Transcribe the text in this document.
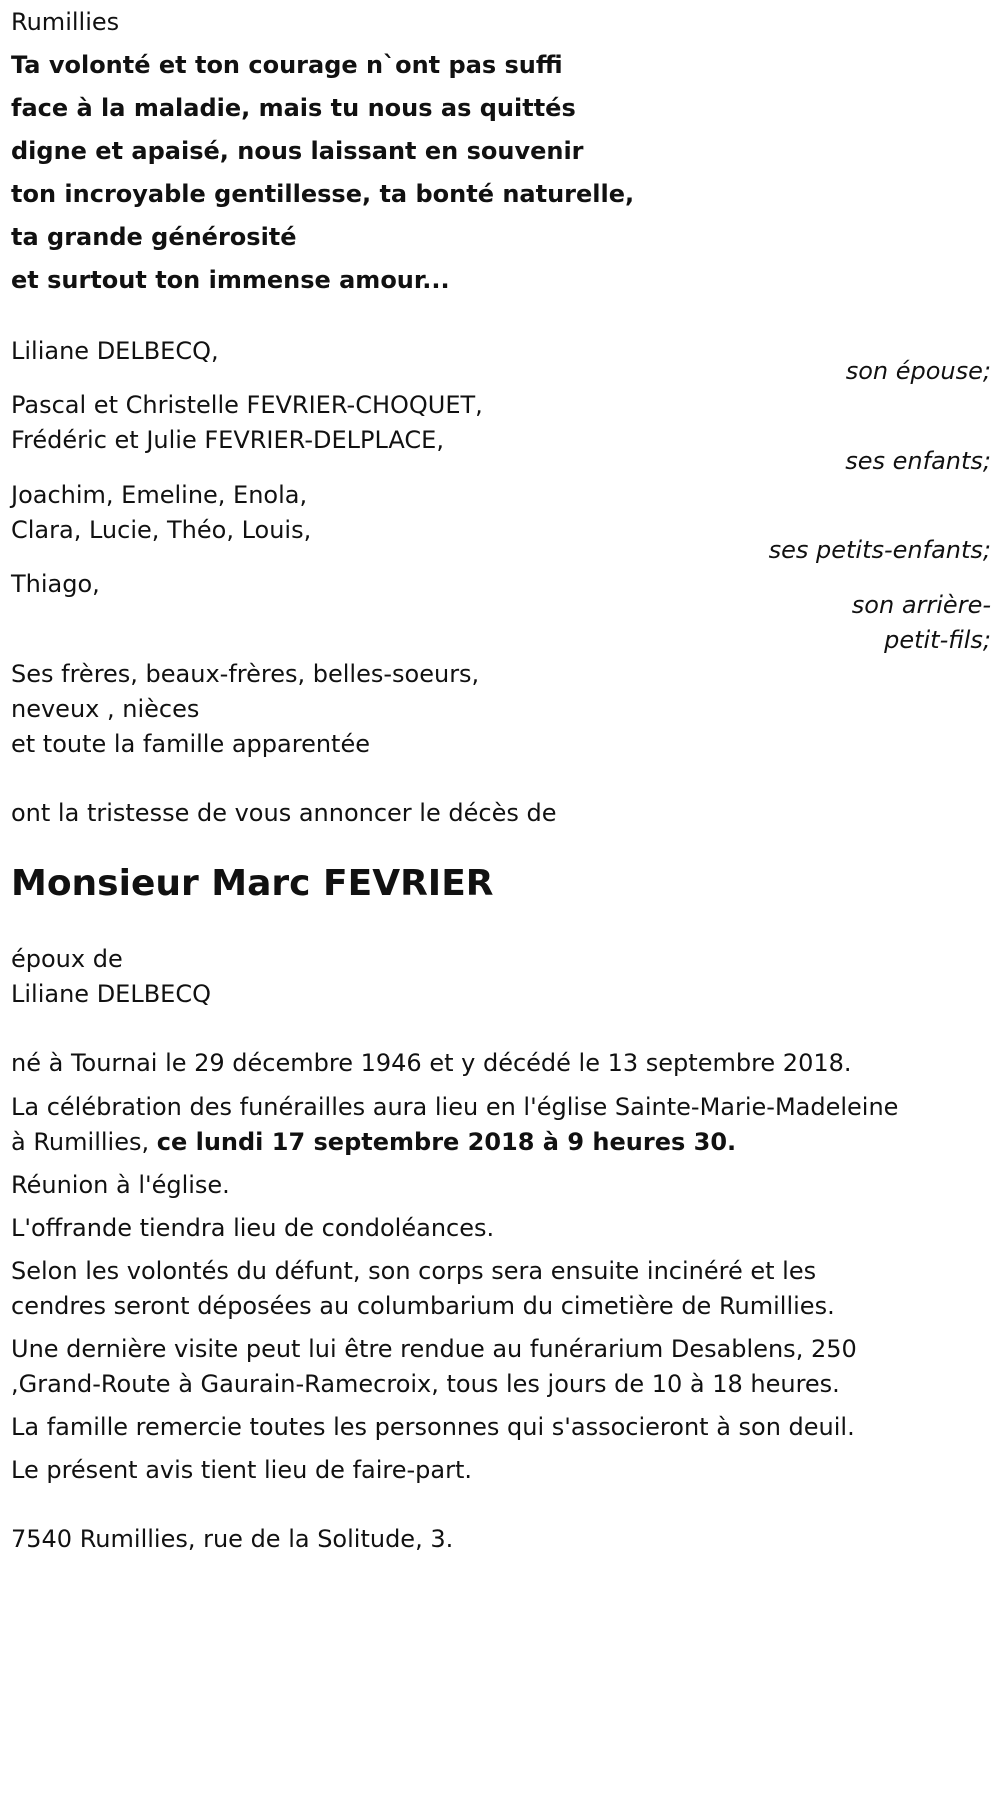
Rumillies
Ta volonté et ton courage n`ont pas suffi
face à la maladie, mais tu nous as quittés
digne et apaisé, nous laissant en souvenir
ton incroyable gentillesse, ta bonté naturelle,
ta grande générosité
et surtout ton immense amour...
Liliane DELBECQ,
son épouse;
Pascal et Christelle FEVRIER-CHOQUET,
Frédéric et Julie FEVRIER-DELPLACE,
ses enfants;
Joachim, Emeline, Enola,
Clara, Lucie, Théo, Louis,
ses petits-enfants;
Thiago,
son arrière-
petit-fils;
Ses frères, beaux-frères, belles-soeurs,
neveux , nièces
et toute la famille apparentée
ont la tristesse de vous annoncer le décès de
Monsieur Marc FEVRIER
époux de
Liliane DELBECQ
né à Tournai le 29 décembre 1946 et y décédé le 13 septembre 2018.
La célébration des funérailles aura lieu en l'église Sainte-Marie-Madeleine
à Rumillies, ce lundi 17 septembre 2018 à 9 heures 30.
Réunion à l'église.
L'offrande tiendra lieu de condoléances.
Selon les volontés du défunt, son corps sera ensuite incinéré et les
cendres seront déposées au columbarium du cimetière de Rumillies.
Une dernière visite peut lui être rendue au funérarium Desablens, 250
,Grand-Route à Gaurain-Ramecroix, tous les jours de 10 à 18 heures.
La famille remercie toutes les personnes qui s'associeront à son deuil.
Le présent avis tient lieu de faire-part.
7540 Rumillies, rue de la Solitude, 3.
